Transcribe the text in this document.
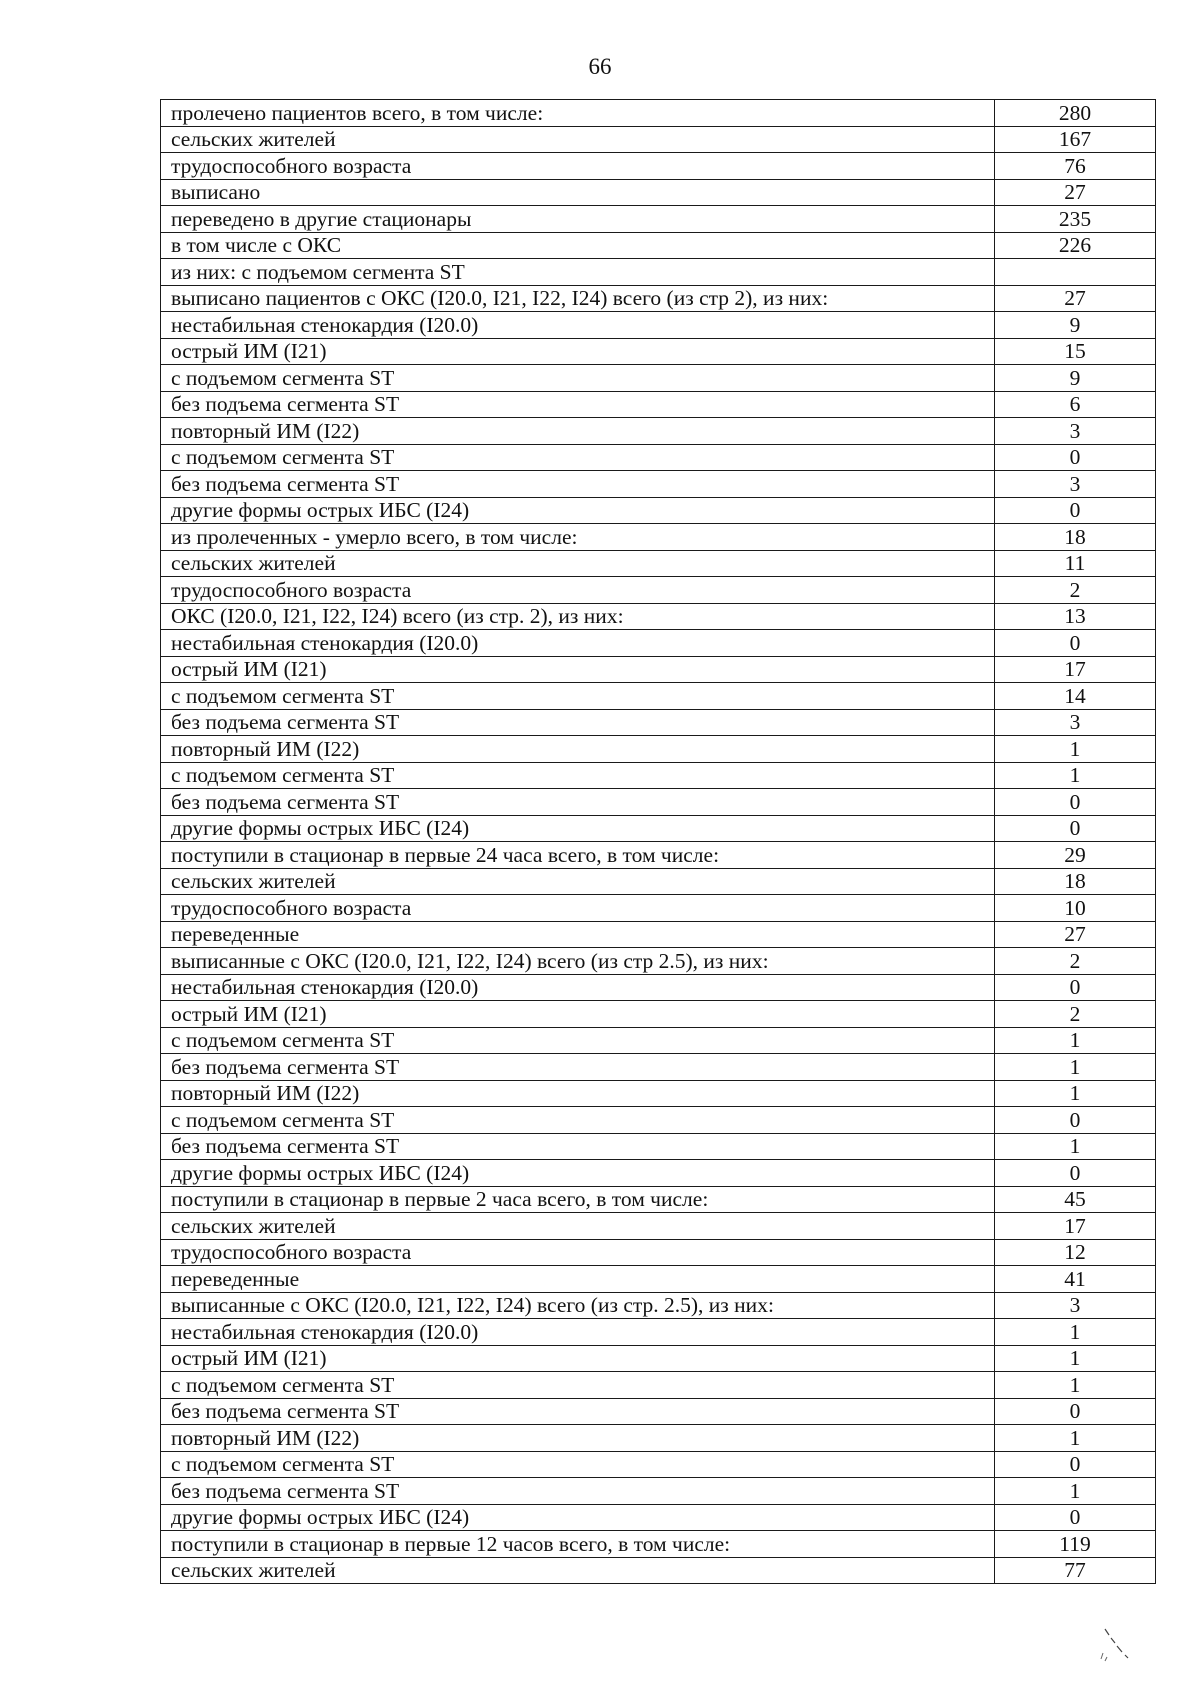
66
пролечено пациентов всего, в том числе:	280
сельских жителей	167
трудоспособного возраста	76
выписано	27
переведено в другие стационары	235
в том числе с ОКС	226
из них: с подъемом сегмента ST	
выписано пациентов с ОКС (I20.0, I21, I22, I24) всего (из стр 2), из них:	27
нестабильная стенокардия (I20.0)	9
острый ИМ (I21)	15
с подъемом сегмента ST	9
без подъема сегмента ST	6
повторный ИМ (I22)	3
с подъемом сегмента ST	0
без подъема сегмента ST	3
другие формы острых ИБС (I24)	0
из пролеченных - умерло всего, в том числе:	18
сельских жителей	11
трудоспособного возраста	2
ОКС (I20.0, I21, I22, I24) всего (из стр. 2), из них:	13
нестабильная стенокардия (I20.0)	0
острый ИМ (I21)	17
с подъемом сегмента ST	14
без подъема сегмента ST	3
повторный ИМ (I22)	1
с подъемом сегмента ST	1
без подъема сегмента ST	0
другие формы острых ИБС (I24)	0
поступили в стационар в первые 24 часа всего, в том числе:	29
сельских жителей	18
трудоспособного возраста	10
переведенные	27
выписанные с ОКС (I20.0, I21, I22, I24) всего (из стр 2.5), из них:	2
нестабильная стенокардия (I20.0)	0
острый ИМ (I21)	2
с подъемом сегмента ST	1
без подъема сегмента ST	1
повторный ИМ (I22)	1
с подъемом сегмента ST	0
без подъема сегмента ST	1
другие формы острых ИБС (I24)	0
поступили в стационар в первые 2 часа всего, в том числе:	45
сельских жителей	17
трудоспособного возраста	12
переведенные	41
выписанные с ОКС (I20.0, I21, I22, I24) всего (из стр. 2.5), из них:	3
нестабильная стенокардия (I20.0)	1
острый ИМ (I21)	1
с подъемом сегмента ST	1
без подъема сегмента ST	0
повторный ИМ (I22)	1
с подъемом сегмента ST	0
без подъема сегмента ST	1
другие формы острых ИБС (I24)	0
поступили в стационар в первые 12 часов всего, в том числе:	119
сельских жителей	77
